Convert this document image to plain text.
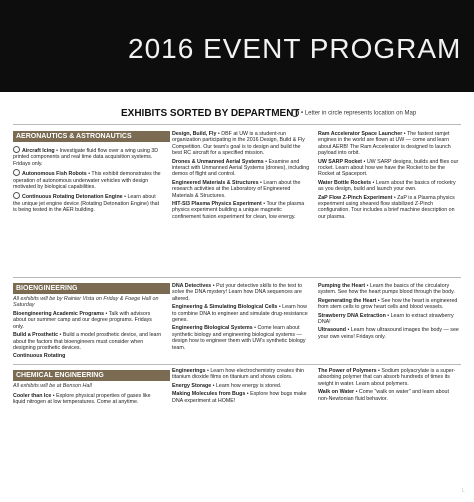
2016 EVENT PROGRAM
EXHIBITS SORTED BY DEPARTMENT • Letter in circle represents location on Map
AERONAUTICS & ASTRONAUTICS
Aircraft Icing • Investigate fluid flow over a wing using 3D printed components and real time data acquisition systems. Fridays only.
Autonomous Fish Robots • This exhibit demonstrates the operation of autonomous underwater vehicles with design motivated by biological capabilities.
Continuous Rotating Detonation Engine • Learn about the unique jet engine device (Rotating Detonation Engine) that is being tested in the AER building.
Design, Build, Fly • DBF at UW is a student-run organization participating in the 2016 Design, Build & Fly Competition. Our team's goal is to design and build the best RC aircraft for a specified mission.
Drones & Unmanned Aerial Systems • Examine and interact with Unmanned Aerial Systems (drones), including demos of flight and control.
Engineered Materials & Structures • Learn about the research activities at the Laboratory of Engineered Materials & Structures.
HIT-SI3 Plasma Physics Experiment • Tour the plasma physics experiment building a unique magnetic confinement fusion experiment for clean, low energy.
Ram Accelerator Space Launcher • The fastest ramjet engines in the world are flown at UW — come and learn about AERB! The Ram Accelerator is designed to launch payload into orbit.
UW SARP Rocket • UW SARP designs, builds and flies our rocket. Learn about how we have the Rocket to be the Rocket at Spaceport.
Water Bottle Rockets • Learn about the basics of rocketry as you design, build and launch your own.
ZaP Flow Z-Pinch Experiment • ZaP is a Plasma physics experiment using sheared flow stabilized Z-Pinch configuration. Tour includes a brief machine description on our plasma.
BIOENGINEERING
All exhibits will be by Rainier Vista on Friday & Foege Hall on Saturday
Bioengineering Academic Programs • Talk with advisors about our summer camp and our degree programs. Fridays only.
Build a Prosthetic • Build a model prosthetic device, and learn about the factors that bioengineers must consider when designing prosthetic devices.
Continuous Rotating
DNA Detectives • Put your detective skills to the test to solve the DNA mystery! Learn how DNA sequences are altered.
Engineering & Simulating Biological Cells • Learn how to combine DNA to engineer and simulate drug-resistance genes.
Engineering Biological Systems • Come learn about synthetic biology and engineering biological systems — design how to engineer them with UW's synthetic biology team.
Pumping the Heart • Learn the basics of the circulatory system. See how the heart pumps blood through the body.
Regenerating the Heart • See how the heart is engineered from stem cells to grow heart cells and blood vessels.
Strawberry DNA Extraction • Learn to extract strawberry DNA!
Ultrasound • Learn how ultrasound images the body — see your own veins! Fridays only.
CHEMICAL ENGINEERING
All exhibits will be at Benson Hall
Cooler than Ice • Explore physical properties of gases like liquid nitrogen at low temperatures. Come at anytime.
Engineerings • Learn how electrochemistry creates thin titanium dioxide films on titanium and shows colors.
Energy Storage • Learn how energy is stored.
Making Molecules from Bugs • Explore how bugs make DNA experiment at HOME!
The Power of Polymers • Sodium polyacrylate is a super-absorbing polymer that can absorb hundreds of times its weight in water. Learn about polymers.
Walk on Water • Come "walk on water" and learn about non-Newtonian fluid behavior.
L
